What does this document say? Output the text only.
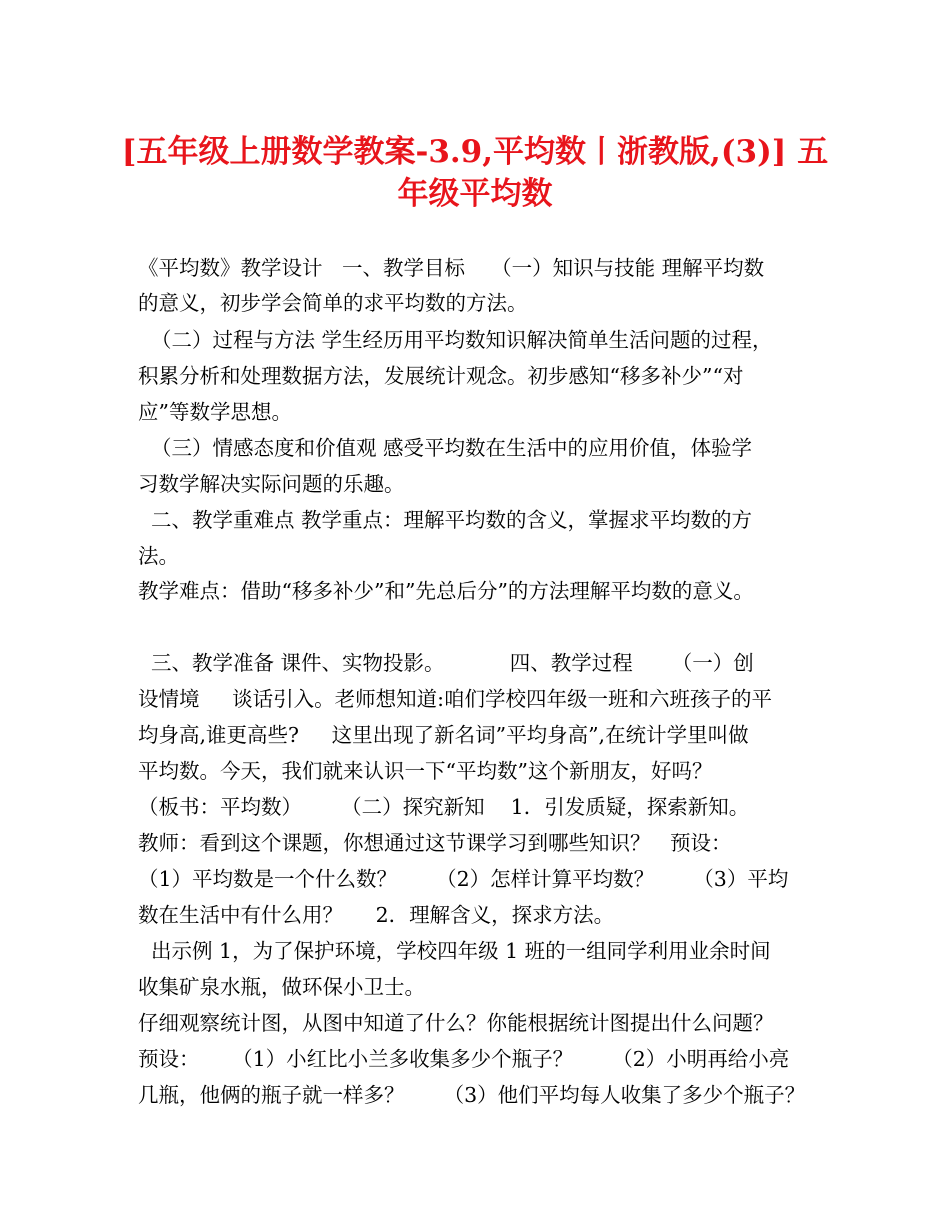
[五年级上册数学教案-3.9,平均数丨浙教版,(3)] 五
年级平均数

《平均数》教学设计   一、教学目标    （一）知识与技能 理解平均数

的意义，初步学会简单的求平均数的方法。

（二）过程与方法 学生经历用平均数知识解决简单生活问题的过程，

积累分析和处理数据方法，发展统计观念。初步感知“移多补少”“对

应”等数学思想。

（三）情感态度和价值观 感受平均数在生活中的应用价值，体验学

习数学解决实际问题的乐趣。

二、教学重难点 教学重点：理解平均数的含义，掌握求平均数的方

法。

教学难点：借助“移多补少”和”先总后分”的方法理解平均数的意义。

三、教学准备 课件、实物投影。          四、教学过程      （一）创

设情境     谈话引入。老师想知道:咱们学校四年级一班和六班孩子的平

均身高,谁更高些?     这里出现了新名词”平均身高”,在统计学里叫做

平均数。今天，我们就来认识一下“平均数”这个新朋友，好吗？

（板书：平均数）      （二）探究新知    1．引发质疑，探索新知。

教师：看到这个课题，你想通过这节课学习到哪些知识？   预设：

（1）平均数是一个什么数？      （2）怎样计算平均数？      （3）平均

数在生活中有什么用？     2．理解含义，探求方法。

出示例 1，为了保护环境，学校四年级 1 班的一组同学利用业余时间

收集矿泉水瓶，做环保小卫士。

仔细观察统计图，从图中知道了什么？你能根据统计图提出什么问题？

预设：     （1）小红比小兰多收集多少个瓶子？      （2）小明再给小亮

几瓶，他俩的瓶子就一样多？      （3）他们平均每人收集了多少个瓶子？
